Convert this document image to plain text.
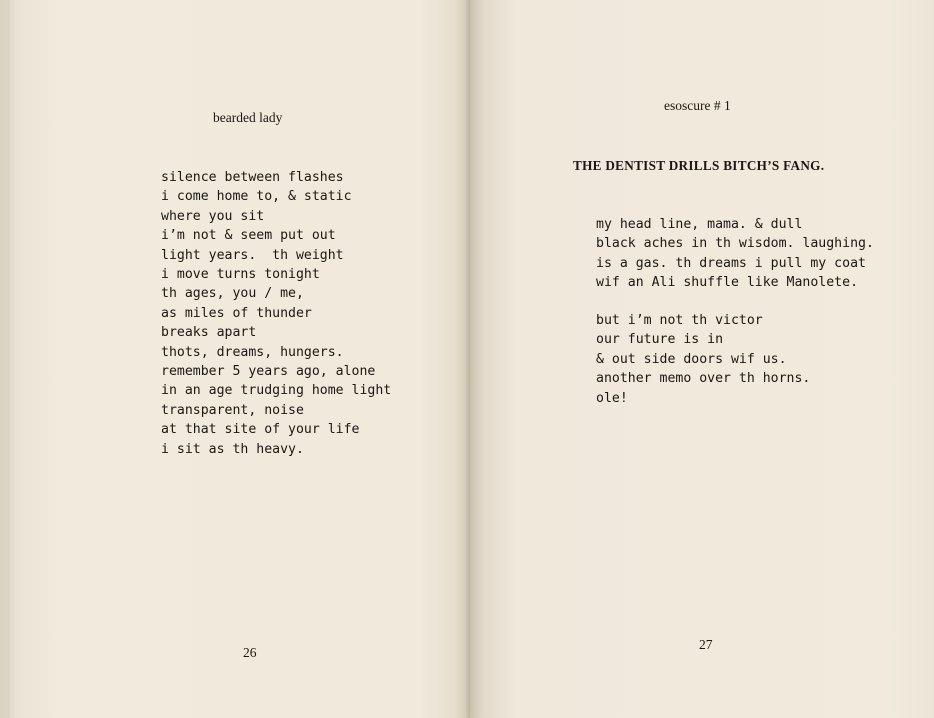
bearded lady
silence between flashes
i come home to, & static
where you sit
i’m not & seem put out
light years.  th weight
i move turns tonight
th ages, you / me,
as miles of thunder
breaks apart
thots, dreams, hungers.
remember 5 years ago, alone
in an age trudging home light
transparent, noise
at that site of your life
i sit as th heavy.
26
esoscure # 1
THE DENTIST DRILLS BITCH’S FANG.
my head line, mama. & dull
black aches in th wisdom. laughing.
is a gas. th dreams i pull my coat
wif an Ali shuffle like Manolete.
but i’m not th victor
our future is in
& out side doors wif us.
another memo over th horns.
ole!
27
